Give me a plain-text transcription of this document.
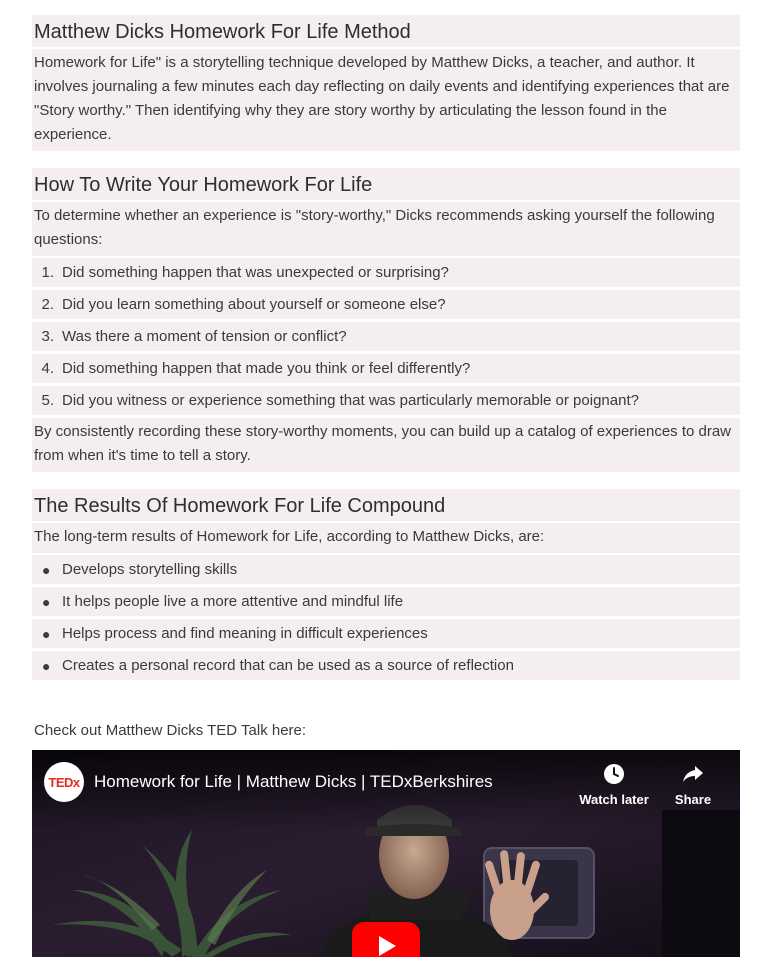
Matthew Dicks Homework For Life Method
Homework for Life" is a storytelling technique developed by Matthew Dicks, a teacher, and author. It involves journaling a few minutes each day reflecting on daily events and identifying experiences that are "Story worthy." Then identifying why they are story worthy by articulating the lesson found in the experience.
How To Write Your Homework For Life
To determine whether an experience is "story-worthy," Dicks recommends asking yourself the following questions:
1. Did something happen that was unexpected or surprising?
2. Did you learn something about yourself or someone else?
3. Was there a moment of tension or conflict?
4. Did something happen that made you think or feel differently?
5. Did you witness or experience something that was particularly memorable or poignant?
By consistently recording these story-worthy moments, you can build up a catalog of experiences to draw from when it's time to tell a story.
The Results Of Homework For Life Compound
The long-term results of Homework for Life, according to Matthew Dicks, are:
● Develops storytelling skills
● It helps people live a more attentive and mindful life
● Helps process and find meaning in difficult experiences
● Creates a personal record that can be used as a source of reflection
Check out Matthew Dicks TED Talk here:
TEDx Homework for Life | Matthew Dicks | TEDxBerkshires
Watch later	Share
